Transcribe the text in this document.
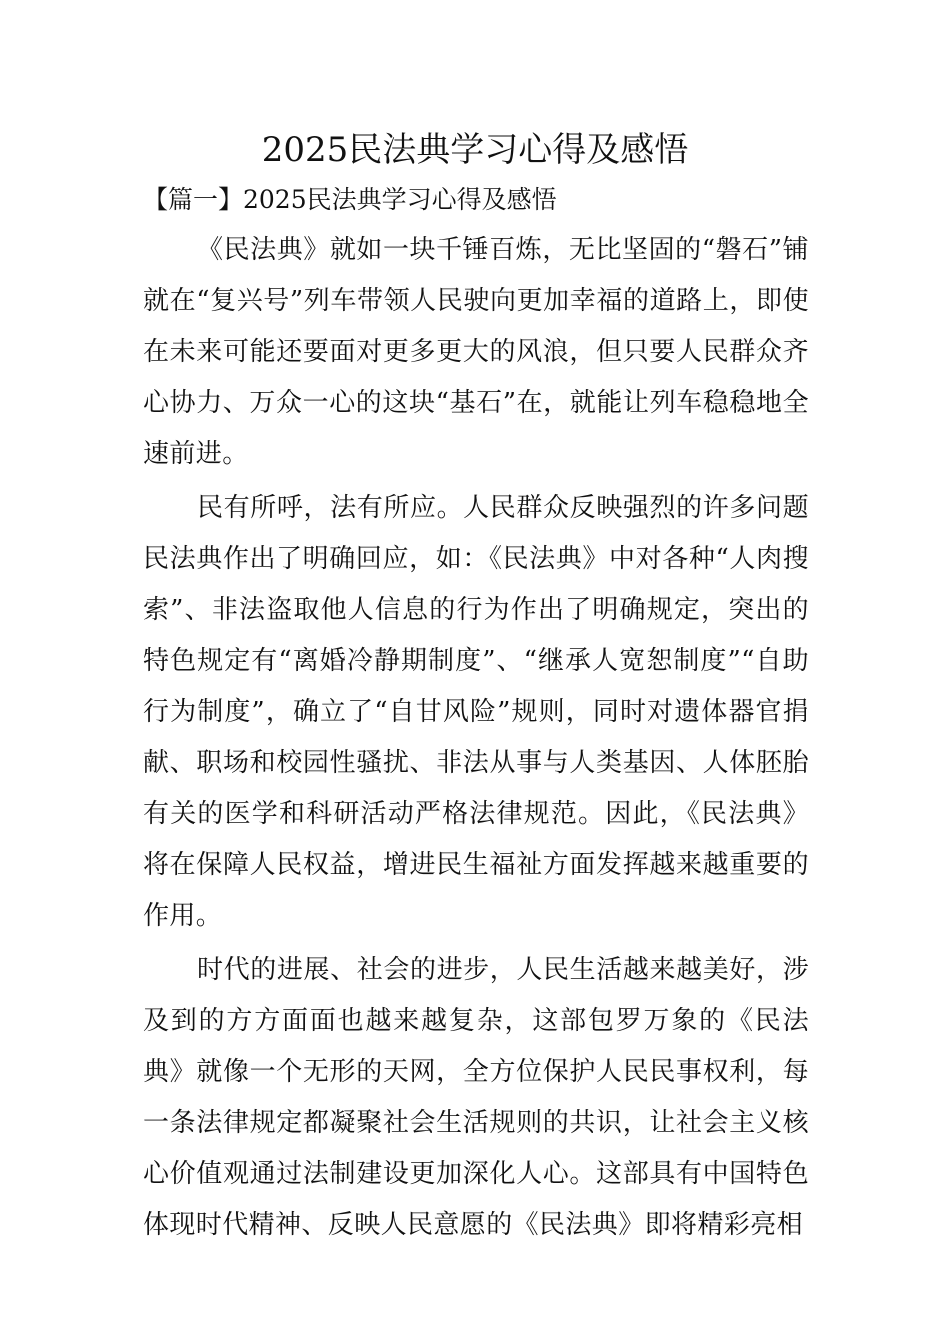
2025民法典学习心得及感悟

【篇一】2025民法典学习心得及感悟

《民法典》就如一块千锤百炼，无比坚固的“磐石”铺就在“复兴号”列车带领人民驶向更加幸福的道路上，即使在未来可能还要面对更多更大的风浪，但只要人民群众齐心协力、万众一心的这块“基石”在，就能让列车稳稳地全速前进。

民有所呼，法有所应。人民群众反映强烈的许多问题民法典作出了明确回应，如：《民法典》中对各种“人肉搜索”、非法盗取他人信息的行为作出了明确规定，突出的特色规定有“离婚冷静期制度”、“继承人宽恕制度”“自助行为制度”，确立了“自甘风险”规则，同时对遗体器官捐献、职场和校园性骚扰、非法从事与人类基因、人体胚胎有关的医学和科研活动严格法律规范。因此，《民法典》将在保障人民权益，增进民生福祉方面发挥越来越重要的作用。

时代的进展、社会的进步，人民生活越来越美好，涉及到的方方面面也越来越复杂，这部包罗万象的《民法典》就像一个无形的天网，全方位保护人民民事权利，每一条法律规定都凝聚社会生活规则的共识，让社会主义核心价值观通过法制建设更加深化人心。这部具有中国特色体现时代精神、反映人民意愿的《民法典》即将精彩亮相
